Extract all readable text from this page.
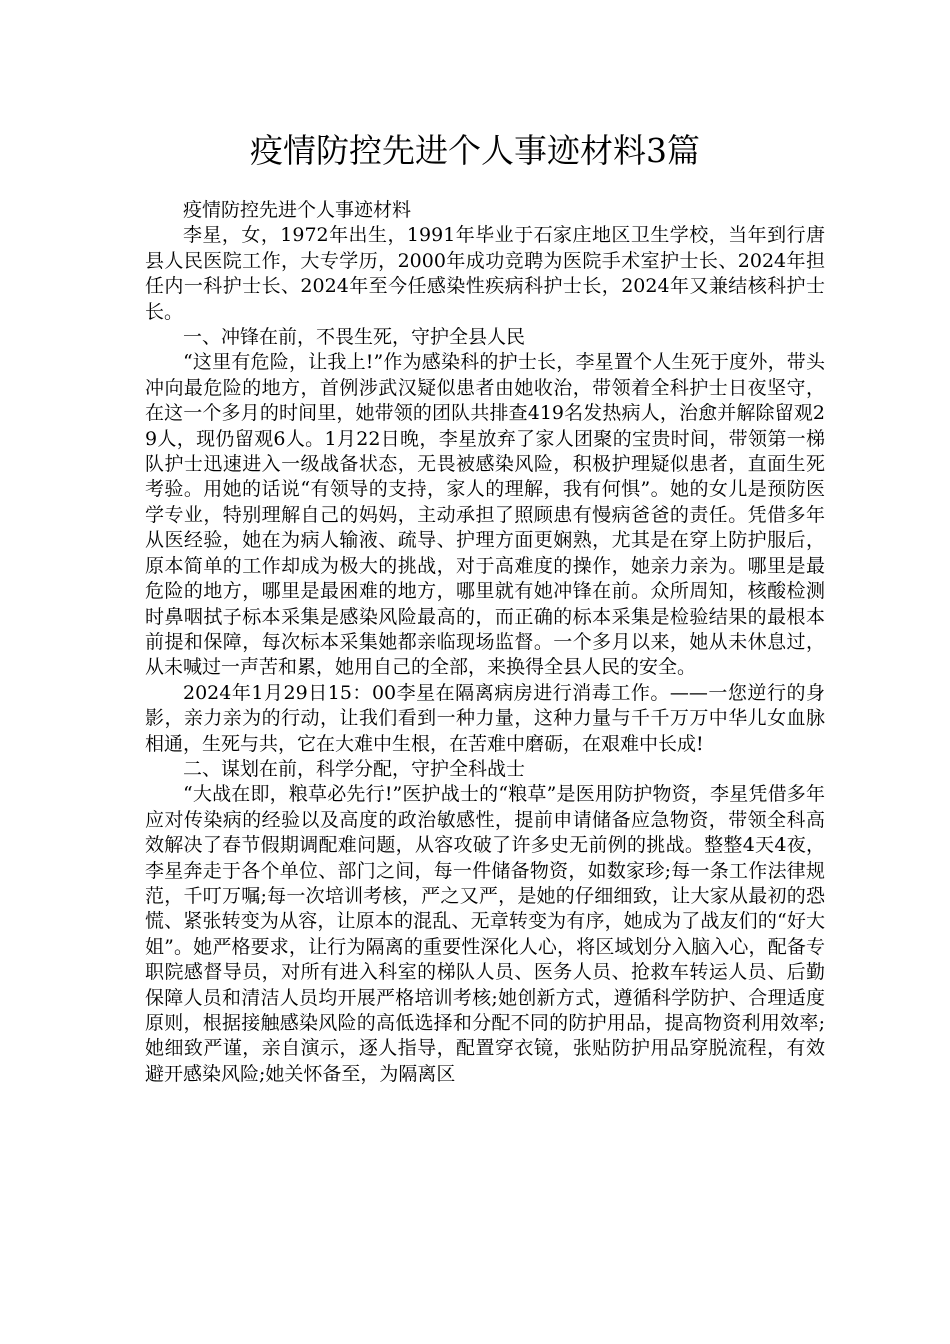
疫情防控先进个人事迹材料3篇

疫情防控先进个人事迹材料

李星，女，1972年出生，1991年毕业于石家庄地区卫生学校，当年到行唐县人民医院工作，大专学历，2000年成功竞聘为医院手术室护士长、2024年担任内一科护士长、2024年至今任感染性疾病科护士长，2024年又兼结核科护士长。

一、冲锋在前，不畏生死，守护全县人民

“这里有危险，让我上!”作为感染科的护士长，李星置个人生死于度外，带头冲向最危险的地方，首例涉武汉疑似患者由她收治，带领着全科护士日夜坚守，在这一个多月的时间里，她带领的团队共排查419名发热病人，治愈并解除留观29人，现仍留观6人。1月22日晚，李星放弃了家人团聚的宝贵时间，带领第一梯队护士迅速进入一级战备状态，无畏被感染风险，积极护理疑似患者，直面生死考验。用她的话说“有领导的支持，家人的理解，我有何惧”。她的女儿是预防医学专业，特别理解自己的妈妈，主动承担了照顾患有慢病爸爸的责任。凭借多年从医经验，她在为病人输液、疏导、护理方面更娴熟，尤其是在穿上防护服后，原本简单的工作却成为极大的挑战，对于高难度的操作，她亲力亲为。哪里是最危险的地方，哪里是最困难的地方，哪里就有她冲锋在前。众所周知，核酸检测时鼻咽拭子标本采集是感染风险最高的，而正确的标本采集是检验结果的最根本前提和保障，每次标本采集她都亲临现场监督。一个多月以来，她从未休息过，从未喊过一声苦和累，她用自己的全部，来换得全县人民的安全。

2024年1月29日15：00李星在隔离病房进行消毒工作。——一您逆行的身影，亲力亲为的行动，让我们看到一种力量，这种力量与千千万万中华儿女血脉相通，生死与共，它在大难中生根，在苦难中磨砺，在艰难中长成!

二、谋划在前，科学分配，守护全科战士

“大战在即，粮草必先行!”医护战士的“粮草”是医用防护物资，李星凭借多年应对传染病的经验以及高度的政治敏感性，提前申请储备应急物资，带领全科高效解决了春节假期调配难问题，从容攻破了许多史无前例的挑战。整整4天4夜，李星奔走于各个单位、部门之间，每一件储备物资，如数家珍;每一条工作法律规范，千叮万嘱;每一次培训考核，严之又严，是她的仔细细致，让大家从最初的恐慌、紧张转变为从容，让原本的混乱、无章转变为有序，她成为了战友们的“好大姐”。她严格要求，让行为隔离的重要性深化人心，将区域划分入脑入心，配备专职院感督导员，对所有进入科室的梯队人员、医务人员、抢救车转运人员、后勤保障人员和清洁人员均开展严格培训考核;她创新方式，遵循科学防护、合理适度原则，根据接触感染风险的高低选择和分配不同的防护用品，提高物资利用效率;她细致严谨，亲自演示，逐人指导，配置穿衣镜，张贴防护用品穿脱流程，有效避开感染风险;她关怀备至，为隔离区
